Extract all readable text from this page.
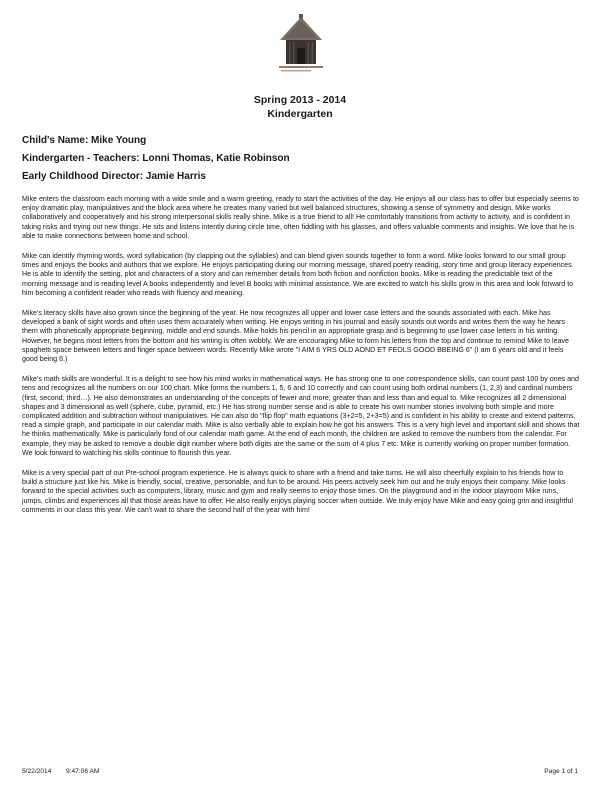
Spring 2013 - 2014
Kindergarten
Child's Name: Mike Young
Kindergarten - Teachers: Lonni Thomas, Katie Robinson
Early Childhood Director: Jamie Harris

Mike enters the classroom each morning with a wide smile and a warm greeting, ready to start the activities of the day. He enjoys all our class has to offer but especially seems to enjoy dramatic play, manipulatives and the block area where he creates many varied but well balanced structures, showing a sense of symmetry and design. Mike works collaboratively and cooperatively and his strong interpersonal skills really shine. Mike is a true friend to all! He comfortably transitions from activity to activity, and is confident in taking risks and trying out new things. He sits and listens intently during circle time, often fiddling with his glasses, and offers valuable comments and insights. We love that he is able to make connections between home and school.

Mike can identify rhyming words, word syllabication (by clapping out the syllables) and can blend given sounds together to form a word. Mike looks forward to our small group times and enjoys the books and authors that we explore. He enjoys participating during our morning message, shared poetry reading, story time and group literacy experiences. He is able to identify the setting, plot and characters of a story and can remember details from both fiction and nonfiction books. Mike is reading the predictable text of the morning message and is reading level A books independently and level B books with minimal assistance. We are excited to watch his skills grow in this area and look forward to him becoming a confident reader who reads with fluency and meaning.

Mike's literacy skills have also grown since the beginning of the year. He now recognizes all upper and lower case letters and the sounds associated with each. Mike has developed a bank of sight words and often uses them accurately when writing. He enjoys writing in his journal and easily sounds out words and writes them the way he hears them with phonetically appropriate beginning, middle and end sounds. Mike holds his pencil in an appropriate grasp and is beginning to use lower case letters in his writing. However, he begins most letters from the bottom and his writing is often wobbly. We are encouraging Mike to form his letters from the top and continue to remind Mike to leave spaghetti space between letters and finger space between words. Recently Mike wrote "I AIM 6 YRS OLD AOND ET FEOLS GOOD BBEING 6" (I am 6 years old and it feels good being 6.)

Mike's math skills are wonderful. It is a delight to see how his mind works in mathematical ways. He has strong one to one correspondence skills, can count past 100 by ones and tens and recognizes all the numbers on our 100 chart. Mike forms the numbers 1, 5, 6 and 10 correctly and can count using both ordinal numbers (1, 2,3) and cardinal numbers (first, second, third…). He also demonstrates an understanding of the concepts of fewer and more, greater than and less than and equal to. Mike recognizes all 2 dimensional shapes and 3 dimensional as well (sphere, cube, pyramid, etc.) He has strong number sense and is able to create his own number stories involving both simple and more complicated addition and subtraction without manipulatives. He can also do "flip flop" math equations (3+2=5, 2+3=5) and is confident in his ability to create and extend patterns, read a simple graph, and participate in our calendar math. Mike is also verbally able to explain how he got his answers. This is a very high level and important skill and shows that he thinks mathematically. Mike is particularly fond of our calendar math game. At the end of each month, the children are asked to remove the numbers from the calendar. For example, they may be asked to remove a double digit number where both digits are the same or the sum of 4 plus 7 etc. Mike is currently working on proper number formation. We look forward to watching his skills continue to flourish this year.

Mike is a very special part of our Pre-school program experience. He is always quick to share with a friend and take turns. He will also cheerfully explain to his friends how to build a structure just like his. Mike is friendly, social, creative, personable, and fun to be around. His peers actively seek him out and he truly enjoys their company. Mike looks forward to the special activities such as computers, library, music and gym and really seems to enjoy those times. On the playground and in the indoor playroom Mike runs, jumps, climbs and experiences all that those areas have to offer. He also really enjoys playing soccer when outside. We truly enjoy have Mike and easy going grin and insightful comments in our class this year. We can't wait to share the second half of the year with him!

5/22/2014 9:47:06 AM	Page 1 of 1
